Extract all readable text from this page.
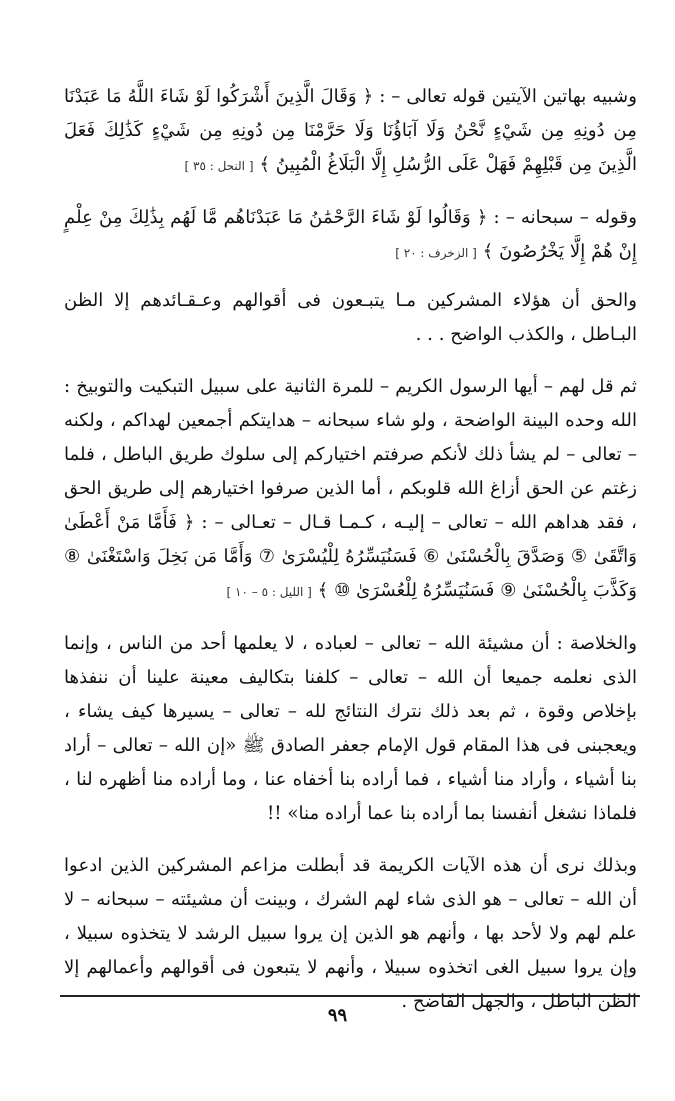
وشبيه بهاتين الآيتين قوله تعالى – : ﴿ وَقَالَ الَّذِينَ أَشْرَكُوا لَوْ شَاءَ اللَّهُ مَا عَبَدْنَا مِن دُونِهِ مِن شَيْءٍ نَّحْنُ وَلَا آبَاؤُنَا وَلَا حَرَّمْنَا مِن دُونِهِ مِن شَيْءٍ كَذَٰلِكَ فَعَلَ الَّذِينَ مِن قَبْلِهِمْ فَهَلْ عَلَى الرُّسُلِ إِلَّا الْبَلَاغُ الْمُبِينُ ﴾ [ النحل : ٣٥ ]

وقوله – سبحانه – : ﴿ وَقَالُوا لَوْ شَاءَ الرَّحْمَٰنُ مَا عَبَدْنَاهُم مَّا لَهُم بِذَٰلِكَ مِنْ عِلْمٍ إِنْ هُمْ إِلَّا يَخْرُصُونَ ﴾ [ الزخرف : ٢٠ ]

والحق أن هؤلاء المشركين مـا يتبـعون فى أقوالهم وعـقـائدهم إلا الظن البـاطل ، والكذب الواضح . . .

ثم قل لهم – أيها الرسول الكريم – للمرة الثانية على سبيل التبكيت والتوبيخ : الله وحده البينة الواضحة ، ولو شاء سبحانه – هدايتكم أجمعين لهداكم ، ولكنه – تعالى – لم يشأ ذلك لأنكم صرفتم اختياركم إلى سلوك طريق الباطل ، فلما زغتم عن الحق أزاغ الله قلوبكم ، أما الذين صرفوا اختيارهم إلى طريق الحق ، فقد هداهم الله – تعالى – إليـه ، كـمـا قـال – تعـالى – : ﴿ فَأَمَّا مَنْ أَعْطَىٰ وَاتَّقَىٰ ⑤ وَصَدَّقَ بِالْحُسْنَىٰ ⑥ فَسَنُيَسِّرُهُ لِلْيُسْرَىٰ ⑦ وَأَمَّا مَن بَخِلَ وَاسْتَغْنَىٰ ⑧ وَكَذَّبَ بِالْحُسْنَىٰ ⑨ فَسَنُيَسِّرُهُ لِلْعُسْرَىٰ ⑩ ﴾ [ الليل : ٥ – ١٠ ]

والخلاصة : أن مشيئة الله – تعالى – لعباده ، لا يعلمها أحد من الناس ، وإنما الذى نعلمه جميعا أن الله – تعالى – كلفنا بتكاليف معينة علينا أن ننفذها بإخلاص وقوة ، ثم بعد ذلك نترك النتائج لله – تعالى – يسيرها كيف يشاء ، ويعجبنى فى هذا المقام قول الإمام جعفر الصادق ﷺ «إن الله – تعالى – أراد بنا أشياء ، وأراد منا أشياء ، فما أراده بنا أخفاه عنا ، وما أراده منا أظهره لنا ، فلماذا نشغل أنفسنا بما أراده بنا عما أراده منا» !!

وبذلك نرى أن هذه الآيات الكريمة قد أبطلت مزاعم المشركين الذين ادعوا أن الله – تعالى – هو الذى شاء لهم الشرك ، وبينت أن مشيئته – سبحانه – لا علم لهم ولا لأحد بها ، وأنهم هو الذين إن يروا سبيل الرشد لا يتخذوه سبيلا ، وإن يروا سبيل الغى اتخذوه سبيلا ، وأنهم لا يتبعون فى أقوالهم وأعمالهم إلا الظن الباطل ، والجهل الفاضح .

٩٩
